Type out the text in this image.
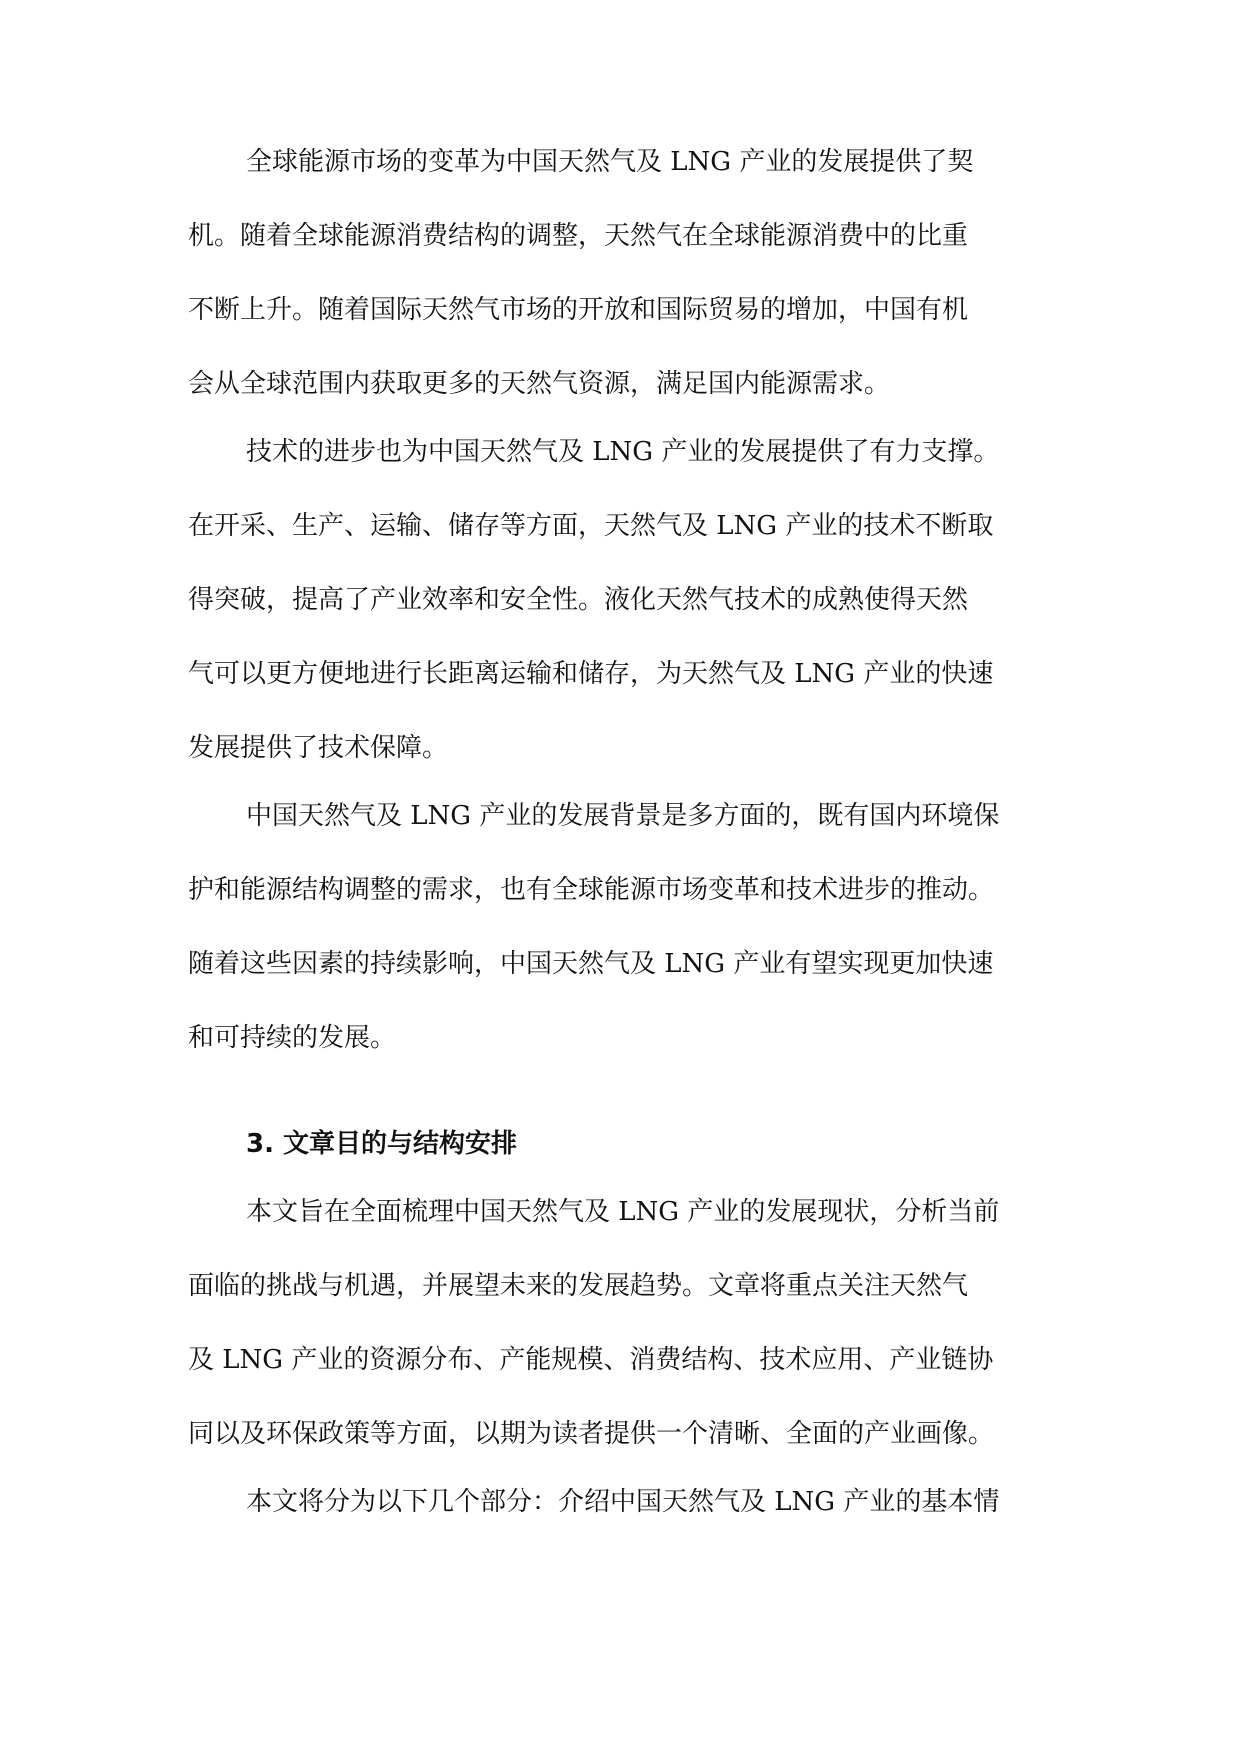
全球能源市场的变革为中国天然气及 LNG 产业的发展提供了契

机。随着全球能源消费结构的调整，天然气在全球能源消费中的比重

不断上升。随着国际天然气市场的开放和国际贸易的增加，中国有机

会从全球范围内获取更多的天然气资源，满足国内能源需求。

技术的进步也为中国天然气及 LNG 产业的发展提供了有力支撑。

在开采、生产、运输、储存等方面，天然气及 LNG 产业的技术不断取

得突破，提高了产业效率和安全性。液化天然气技术的成熟使得天然

气可以更方便地进行长距离运输和储存，为天然气及 LNG 产业的快速

发展提供了技术保障。

中国天然气及 LNG 产业的发展背景是多方面的，既有国内环境保

护和能源结构调整的需求，也有全球能源市场变革和技术进步的推动。

随着这些因素的持续影响，中国天然气及 LNG 产业有望实现更加快速

和可持续的发展。

3. 文章目的与结构安排

本文旨在全面梳理中国天然气及 LNG 产业的发展现状，分析当前

面临的挑战与机遇，并展望未来的发展趋势。文章将重点关注天然气

及 LNG 产业的资源分布、产能规模、消费结构、技术应用、产业链协

同以及环保政策等方面，以期为读者提供一个清晰、全面的产业画像。

本文将分为以下几个部分：介绍中国天然气及 LNG 产业的基本情
